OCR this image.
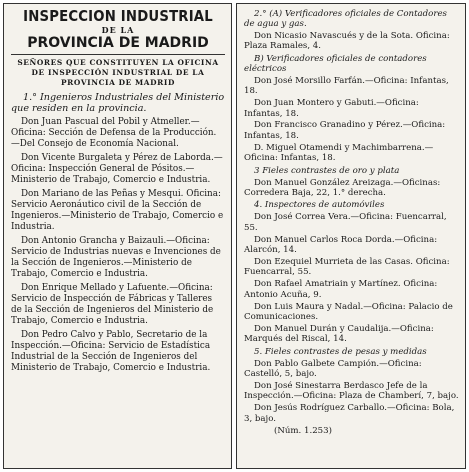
INSPECCION INDUSTRIAL
DE LA
PROVINCIA DE MADRID
SEÑORES QUE CONSTITUYEN LA OFICINA DE INSPECCIÓN INDUSTRIAL DE LA PROVINCIA DE MADRID
1.° Ingenieros Industriales del Ministerio que residen en la provincia.

Don Juan Pascual del Pobil y Atmeller.—Oficina: Sección de Defensa de la Producción.—Del Consejo de Economía Nacional.

Don Vicente Burgaleta y Pérez de Laborda.—Oficina: Inspección General de Pósitos.—Ministerio de Trabajo, Comercio e Industria.

Don Mariano de las Peñas y Mesqui. Oficina: Servicio Aeronáutico civil de la Sección de Ingenieros.—Ministerio de Trabajo, Comercio e Industria.

Don Antonio Grancha y Baizauli.—Oficina: Servicio de Industrias nuevas e Invenciones de la Sección de Ingenieros.—Ministerio de Trabajo, Comercio e Industria.

Don Enrique Mellado y Lafuente.—Oficina: Servicio de Inspección de Fábricas y Talleres de la Sección de Ingenieros del Ministerio de Trabajo, Comercio e Industria.

Don Pedro Calvo y Pablo, Secretario de la Inspección.—Oficina: Servicio de Estadística Industrial de la Sección de Ingenieros del Ministerio de Trabajo, Comercio e Industria.

2.° (A) Verificadores oficiales de Contadores de agua y gas.

Don Nicasio Navascués y de la Sota. Oficina: Plaza Ramales, 4.

B) Verificadores oficiales de contadores eléctricos

Don José Morsillo Farfán.—Oficina: Infantas, 18.

Don Juan Montero y Gabuti.—Oficina: Infantas, 18.

Don Francisco Granadino y Pérez.—Oficina: Infantas, 18.

D. Miguel Otamendi y Machimbarrena.—Oficina: Infantas, 18.

3 Fieles contrastes de oro y plata

Don Manuel González Areizaga.—Oficinas: Corredera Baja, 22, 1.° derecha.

4. Inspectores de automóviles

Don José Correa Vera.—Oficina: Fuencarral, 55.

Don Manuel Carlos Roca Dorda.—Oficina: Alarcón, 14.

Don Ezequiel Murrieta de las Casas. Oficina: Fuencarral, 55.

Don Rafael Amatriain y Martínez. Oficina: Antonio Acuña, 9.

Don Luis Maura y Nadal.—Oficina: Palacio de Comunicaciones.

Don Manuel Durán y Caudalija.—Oficina: Marqués del Riscal, 14.

5. Fieles contrastes de pesas y medidas

Don Pablo Galbete Campión.—Oficina: Castelló, 5, bajo.

Don José Sinestarra Berdasco Jefe de la Inspección.—Oficina: Plaza de Chamberí, 7, bajo.

Don Jesús Rodríguez Carballo.—Oficina: Bola, 3, bajo.

(Núm. 1.253)
